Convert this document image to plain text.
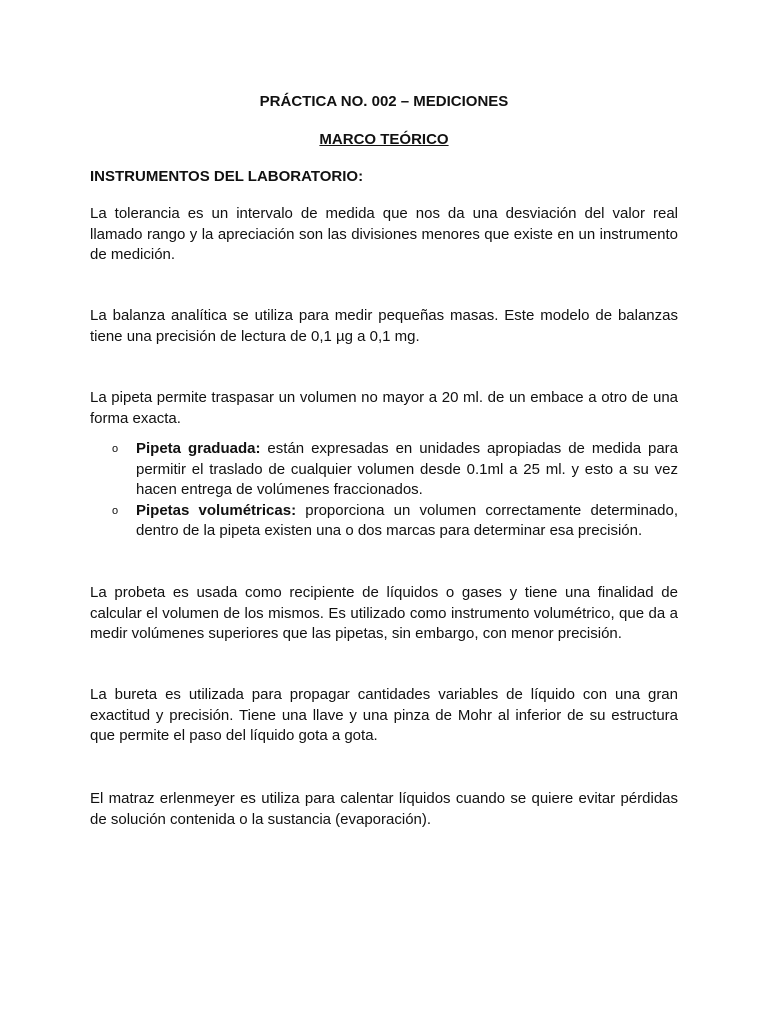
PRÁCTICA NO. 002 – MEDICIONES

MARCO TEÓRICO

INSTRUMENTOS DEL LABORATORIO:

La tolerancia es un intervalo de medida que nos da una desviación del valor real llamado rango y la apreciación son las divisiones menores que existe en un instrumento de medición.

La balanza analítica se utiliza para medir pequeñas masas. Este modelo de balanzas tiene una precisión de lectura de 0,1 µg a 0,1 mg.

La pipeta permite traspasar un volumen no mayor a 20 ml. de un embace a otro de una forma exacta.

o Pipeta graduada: están expresadas en unidades apropiadas de medida para permitir el traslado de cualquier volumen desde 0.1ml a 25 ml. y esto a su vez hacen entrega de volúmenes fraccionados.
o Pipetas volumétricas: proporciona un volumen correctamente determinado, dentro de la pipeta existen una o dos marcas para determinar esa precisión.

La probeta es usada como recipiente de líquidos o gases y tiene una finalidad de calcular el volumen de los mismos. Es utilizado como instrumento volumétrico, que da a medir volúmenes superiores que las pipetas, sin embargo, con menor precisión.

La bureta es utilizada para propagar cantidades variables de líquido con una gran exactitud y precisión. Tiene una llave y una pinza de Mohr al inferior de su estructura que permite el paso del líquido gota a gota.

El matraz erlenmeyer es utiliza para calentar líquidos cuando se quiere evitar pérdidas de solución contenida o la sustancia (evaporación).
